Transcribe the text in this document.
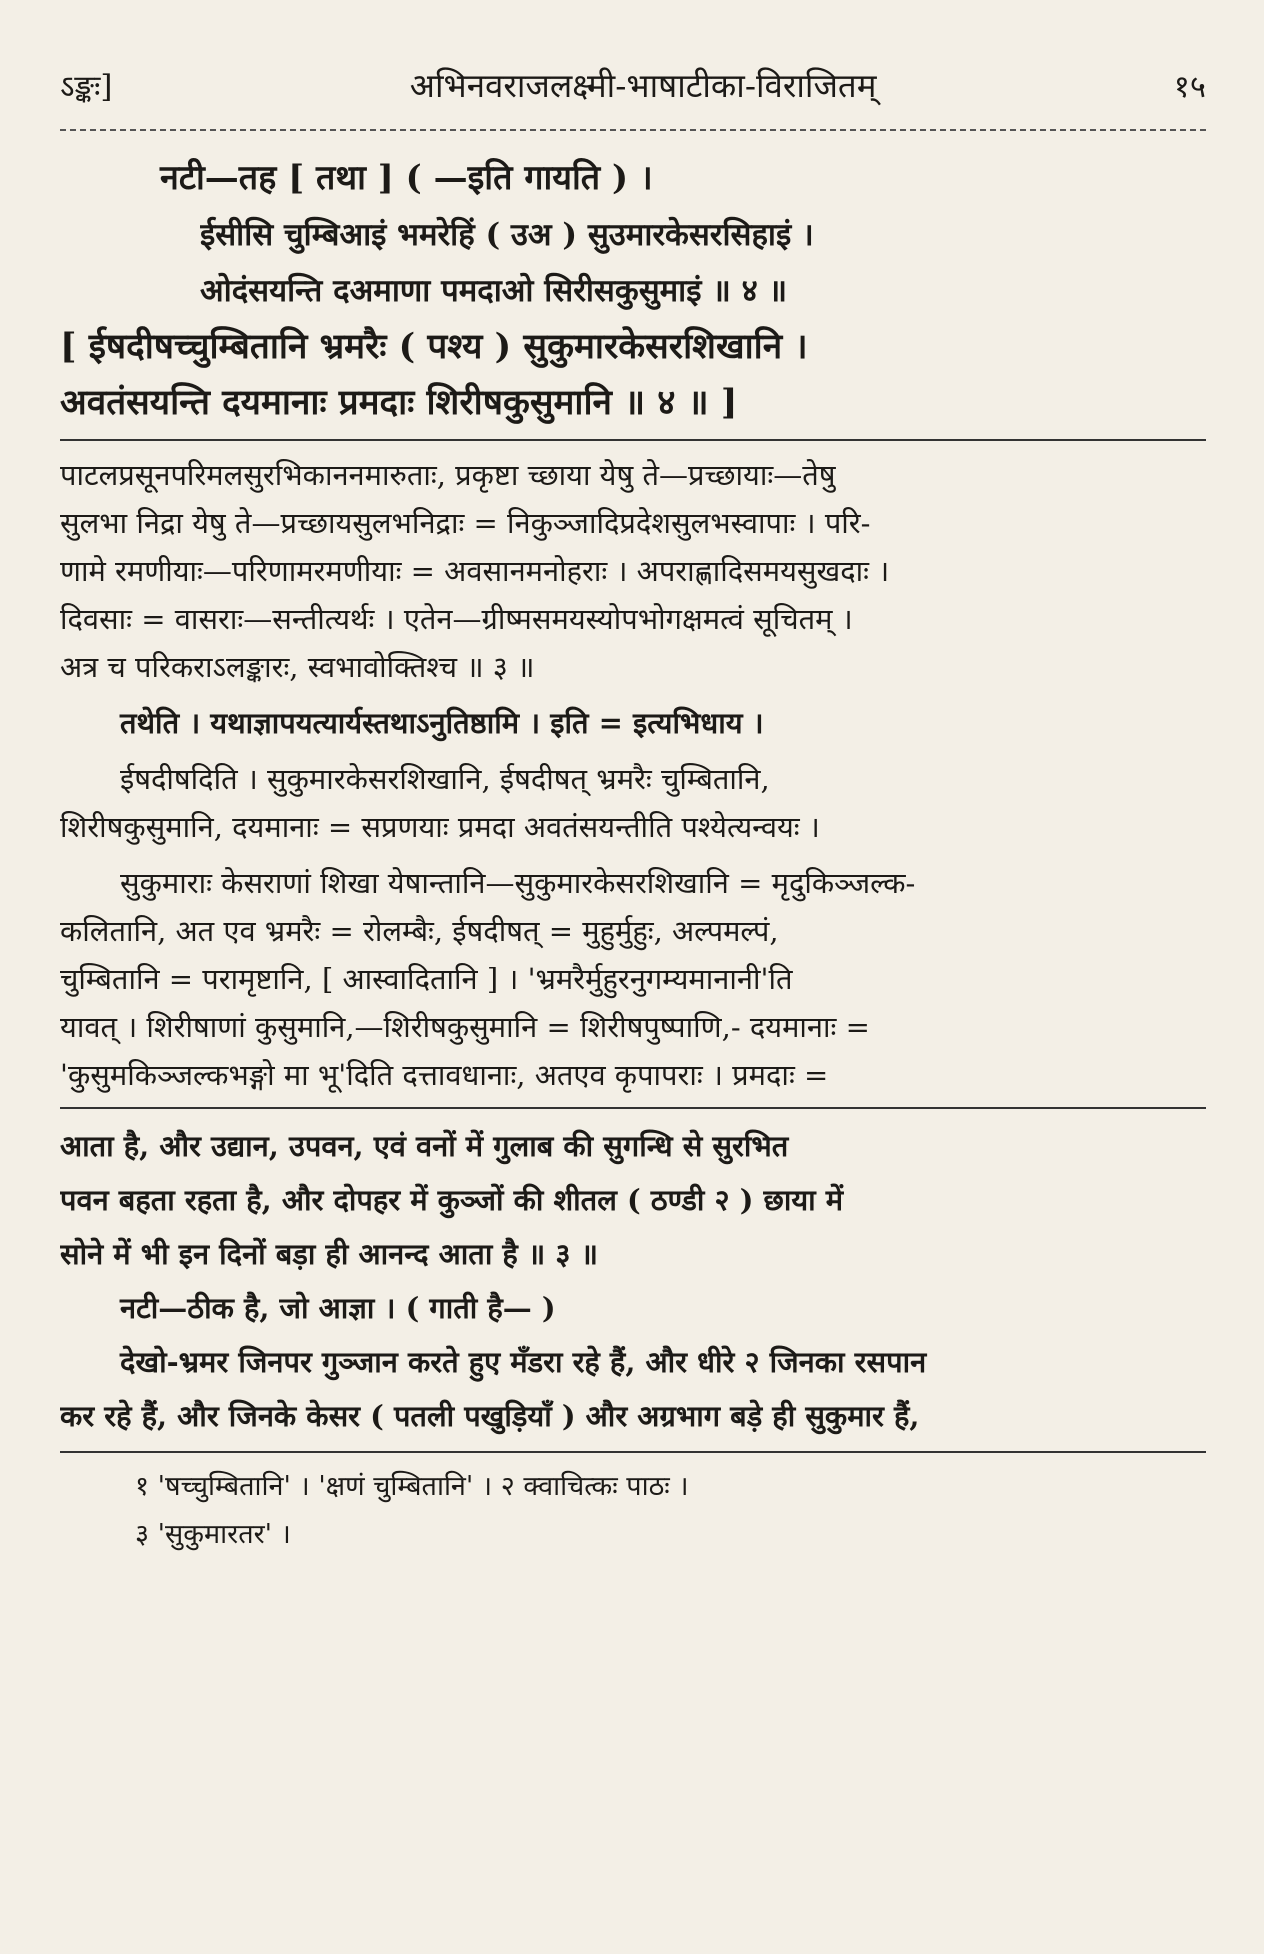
ऽङ्कः]	अभिनवराजलक्ष्मी-भाषाटीका-विराजितम्	१५
नटी—तह [ तथा ] ( —इति गायति ) ।
ईसीसि चुम्बिआइं भमरेहिं ( उअ ) सुउमारकेसरसिहाइं ।
ओदंसयन्ति दअमाणा पमदाओ सिरीसकुसुमाइं ॥ ४ ॥
[ ईषदीषच्चुम्बितानि भ्रमरैः ( पश्य ) सुकुमारकेसरशिखानि ।
अवतंसयन्ति दयमानाः प्रमदाः शिरीषकुसुमानि ॥ ४ ॥ ]
पाटलप्रसूनपरिमलसुरभिकाननमारुताः, प्रकृष्टा च्छाया येषु ते—प्रच्छायाः—तेषु
सुलभा निद्रा येषु ते—प्रच्छायसुलभनिद्राः = निकुञ्जादिप्रदेशसुलभस्वापाः । परि-
णामे रमणीयाः—परिणामरमणीयाः = अवसानमनोहराः । अपराह्णादिसमयसुखदाः ।
दिवसाः = वासराः—सन्तीत्यर्थः । एतेन—ग्रीष्मसमयस्योपभोगक्षमत्वं सूचितम् ।
अत्र च परिकराऽलङ्कारः, स्वभावोक्तिश्च ॥ ३ ॥
तथेति । यथाज्ञापयत्यार्यस्तथाऽनुतिष्ठामि । इति = इत्यभिधाय ।
ईषदीषदिति । सुकुमारकेसरशिखानि, ईषदीषत् भ्रमरैः चुम्बितानि,
शिरीषकुसुमानि, दयमानाः = सप्रणयाः प्रमदा अवतंसयन्तीति पश्येत्यन्वयः ।
सुकुमाराः केसराणां शिखा येषान्तानि—सुकुमारकेसरशिखानि = मृदुकिञ्जल्क-
कलितानि, अत एव भ्रमरैः = रोलम्बैः, ईषदीषत् = मुहुर्मुहुः, अल्पमल्पं,
चुम्बितानि = परामृष्टानि, [ आस्वादितानि ] । 'भ्रमरैर्मुहुरनुगम्यमानानी'ति
यावत् । शिरीषाणां कुसुमानि,—शिरीषकुसुमानि = शिरीषपुष्पाणि,- दयमानाः =
'कुसुमकिञ्जल्कभङ्गो मा भू'दिति दत्तावधानाः, अतएव कृपापराः । प्रमदाः =
आता है, और उद्यान, उपवन, एवं वनों में गुलाब की सुगन्धि से सुरभित
पवन बहता रहता है, और दोपहर में कुञ्जों की शीतल ( ठण्डी २ ) छाया में
सोने में भी इन दिनों बड़ा ही आनन्द आता है ॥ ३ ॥
नटी—ठीक है, जो आज्ञा । ( गाती है— )
देखो-भ्रमर जिनपर गुञ्जान करते हुए मँडरा रहे हैं, और धीरे २ जिनका रसपान
कर रहे हैं, और जिनके केसर ( पतली पखुड़ियाँ ) और अग्रभाग बड़े ही सुकुमार हैं,
१ 'षच्चुम्बितानि' । 'क्षणं चुम्बितानि' । २ क्वाचित्कः पाठः ।
३ 'सुकुमारतर' ।
